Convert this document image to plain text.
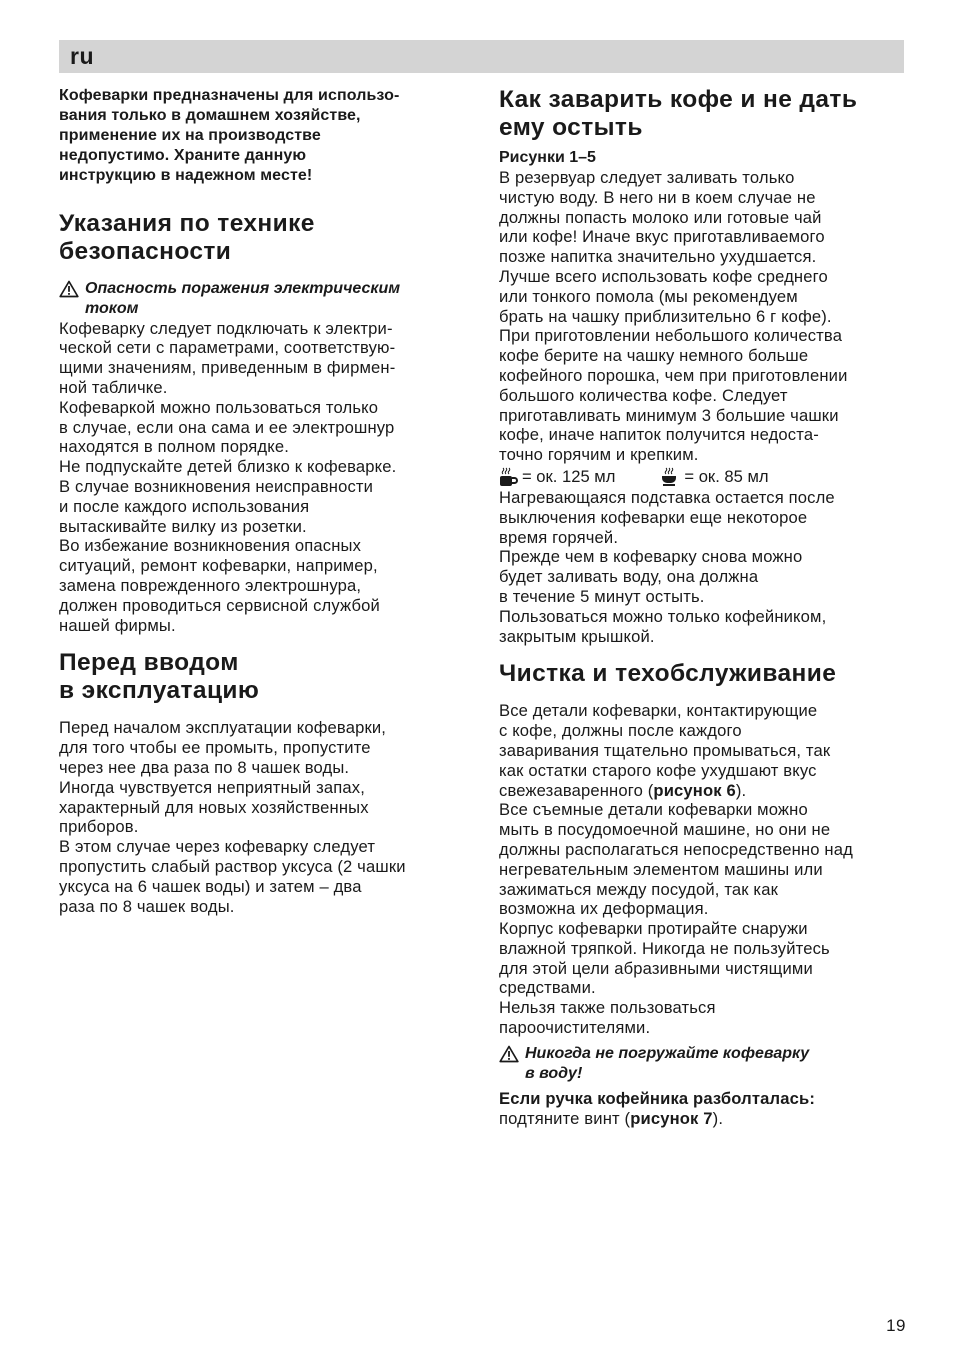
ru

Кофеварки предназначены для использо-
вания только в домашнем хозяйстве,
применение их на производстве
недопустимо. Храните данную
инструкцию в надежном месте!

Указания по технике
безопасности

Опасность поражения электрическим
током

Кофеварку следует подключать к электри-

ческой сети с параметрами, соответствую-

щими значениям, приведенным в фирмен-

ной табличке.

Кофеваркой можно пользоваться только

в случае, если она сама и ее электрошнур

находятся в полном порядке.

Не подпускайте детей близко к кофеварке.

В случае возникновения неисправности

и после каждого использования

вытаскивайте вилку из розетки.

Во избежание возникновения опасных

ситуаций, ремонт кофеварки, например,

замена поврежденного электрошнура,

должен проводиться сервисной службой

нашей фирмы.

Перед вводом
в эксплуатацию

Перед началом эксплуатации кофеварки,

для того чтобы ее промыть, пропустите

через нее два раза по 8 чашек воды.

Иногда чувствуется неприятный запах,

характерный для новых хозяйственных

приборов.

В этом случае через кофеварку следует

пропустить слабый раствор уксуса (2 чашки

уксуса на 6 чашек воды) и затем – два

раза по 8 чашек воды.

Как заварить кофе и не дать
ему остыть

Рисунки 1–5

В резервуар следует заливать только

чистую воду. В него ни в коем случае не

должны попасть молоко или готовые чай

или кофе! Иначе вкус приготавливаемого

позже напитка значительно ухудшается.

Лучше всего использовать кофе среднего

или тонкого помола (мы рекомендуем

брать на чашку приблизительно 6 г кофе).

При приготовлении небольшого количества

кофе берите на чашку немного больше

кофейного порошка, чем при приготовлении

большого количества кофе. Следует

приготавливать минимум 3 большие чашки

кофе, иначе напиток получится недоста-

точно горячим и крепким.

= ок. 125 мл	= ок. 85 мл

Нагревающаяся подставка остается после

выключения кофеварки еще некоторое

время горячей.

Прежде чем в кофеварку снова можно

будет заливать воду, она должна

в течение 5 минут остыть.

Пользоваться можно только кофейником,

закрытым крышкой.

Чистка и техобслуживание

Все детали кофеварки, контактирующие

с кофе, должны после каждого

заваривания тщательно промываться, так

как остатки старого кофе ухудшают вкус

свежезаваренного (рисунок 6).

Все съемные детали кофеварки можно

мыть в посудомоечной машине, но они не

должны располагаться непосредственно над

негревательным элементом машины или

зажиматься между посудой, так как

возможна их деформация.

Корпус кофеварки протирайте снаружи

влажной тряпкой. Никогда не пользуйтесь

для этой цели абразивными чистящими

средствами.

Нельзя также пользоваться

пароочистителями.

Никогда не погружайте кофеварку
в воду!

Если ручка кофейника разболталась:

подтяните винт (рисунок 7).

19
